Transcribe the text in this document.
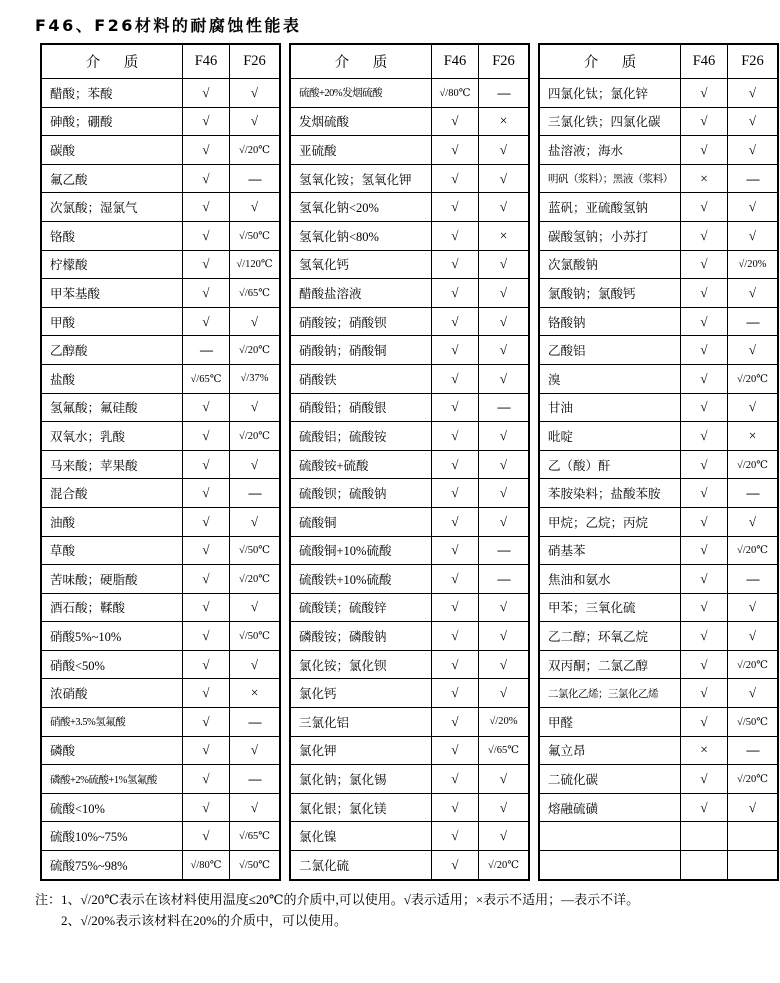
F46、F26材料的耐腐蚀性能表
介 质	F46	F26
醋酸；苯酸	√	√
砷酸；硼酸	√	√
碳酸	√	√/20℃
氟乙酸	√	—
次氯酸；湿氯气	√	√
铬酸	√	√/50℃
柠檬酸	√	√/120℃
甲苯基酸	√	√/65℃
甲酸	√	√
乙醇酸	—	√/20℃
盐酸	√/65℃	√/37%
氢氟酸；氟硅酸	√	√
双氧水；乳酸	√	√/20℃
马来酸；苹果酸	√	√
混合酸	√	—
油酸	√	√
草酸	√	√/50℃
苦味酸；硬脂酸	√	√/20℃
酒石酸；鞣酸	√	√
硝酸5%~10%	√	√/50℃
硝酸<50%	√	√
浓硝酸	√	×
硝酸+3.5%氢氟酸	√	—
磷酸	√	√
磷酸+2%硫酸+1%氢氟酸	√	—
硫酸<10%	√	√
硫酸10%~75%	√	√/65℃
硫酸75%~98%	√/80℃	√/50℃
介 质	F46	F26
硫酸+20%发烟硫酸	√/80℃	—
发烟硫酸	√	×
亚硫酸	√	√
氢氧化铵；氢氧化钾	√	√
氢氧化钠<20%	√	√
氢氧化钠<80%	√	×
氢氧化钙	√	√
醋酸盐溶液	√	√
硝酸铵；硝酸钡	√	√
硝酸钠；硝酸铜	√	√
硝酸铁	√	√
硝酸铅；硝酸银	√	—
硫酸铝；硫酸铵	√	√
硫酸铵+硫酸	√	√
硫酸钡；硫酸钠	√	√
硫酸铜	√	√
硫酸铜+10%硫酸	√	—
硫酸铁+10%硫酸	√	—
硫酸镁；硫酸锌	√	√
磷酸铵；磷酸钠	√	√
氯化铵；氯化钡	√	√
氯化钙	√	√
三氯化铝	√	√/20%
氯化钾	√	√/65℃
氯化钠；氯化锡	√	√
氯化银；氯化镁	√	√
氯化镍	√	√
二氯化硫	√	√/20℃
介 质	F46	F26
四氯化钛；氯化锌	√	√
三氯化铁；四氯化碳	√	√
盐溶液；海水	√	√
明矾（浆料）；黑液（浆料）	×	—
蓝矾；亚硫酸氢钠	√	√
碳酸氢钠；小苏打	√	√
次氯酸钠	√	√/20%
氯酸钠；氯酸钙	√	√
铬酸钠	√	—
乙酸铝	√	√
溴	√	√/20℃
甘油	√	√
吡啶	√	×
乙（酸）酐	√	√/20℃
苯胺染料；盐酸苯胺	√	—
甲烷；乙烷；丙烷	√	√
硝基苯	√	√/20℃
焦油和氨水	√	—
甲苯；三氧化硫	√	√
乙二醇；环氧乙烷	√	√
双丙酮；二氯乙醇	√	√/20℃
二氯化乙烯；三氯化乙烯	√	√
甲醛	√	√/50℃
氟立昂	×	—
二硫化碳	√	√/20℃
熔融硫磺	√	√

注：1、√/20℃表示在该材料使用温度≤20℃的介质中,可以使用。√表示适用；×表示不适用；—表示不详。
2、√/20%表示该材料在20%的介质中，可以使用。
